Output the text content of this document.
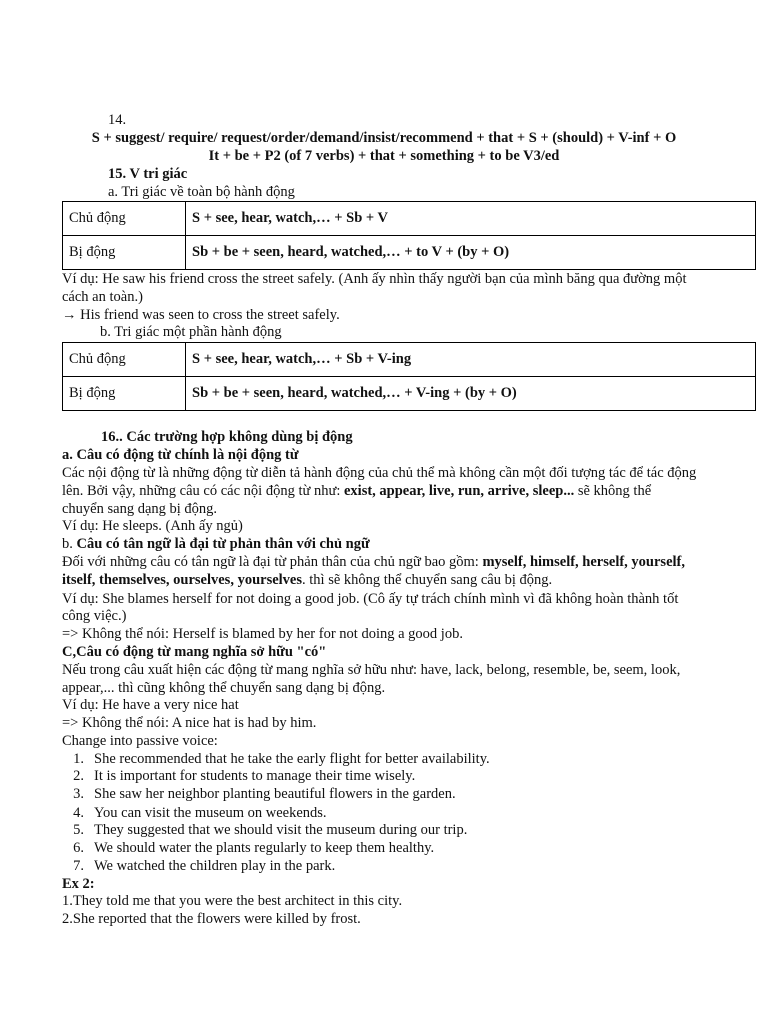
14.
S + suggest/ require/ request/order/demand/insist/recommend + that + S + (should) + V-inf + O
It + be + P2 (of 7 verbs) + that + something + to be V3/ed
15. V tri giác
a. Tri giác về toàn bộ hành động
Chủ động	S + see, hear, watch,… + Sb + V
Bị động	Sb + be + seen, heard, watched,… + to V + (by + O)
Ví dụ: He saw his friend cross the street safely. (Anh ấy nhìn thấy người bạn của mình băng qua đường một
cách an toàn.)
→ His friend was seen to cross the street safely.
b. Tri giác một phần hành động
Chủ động	S + see, hear, watch,… + Sb + V-ing
Bị động	Sb + be + seen, heard, watched,… + V-ing + (by + O)
16.. Các trường hợp không dùng bị động
a. Câu có động từ chính là nội động từ
Các nội động từ là những động từ diễn tả hành động của chủ thể mà không cần một đối tượng tác để tác động
lên. Bởi vậy, những câu có các nội động từ như: exist, appear, live, run, arrive, sleep... sẽ không thể
chuyển sang dạng bị động.
Ví dụ: He sleeps. (Anh ấy ngủ)
b. Câu có tân ngữ là đại từ phản thân với chủ ngữ
Đối với những câu có tân ngữ là đại từ phản thân của chủ ngữ bao gồm: myself, himself, herself, yourself,
itself, themselves, ourselves, yourselves. thì sẽ không thể chuyển sang câu bị động.
Ví dụ: She blames herself for not doing a good job. (Cô ấy tự trách chính mình vì đã không hoàn thành tốt
công việc.)
=> Không thể nói: Herself is blamed by her for not doing a good job.
C,Câu có động từ mang nghĩa sở hữu "có"
Nếu trong câu xuất hiện các động từ mang nghĩa sở hữu như: have, lack, belong, resemble, be, seem, look,
appear,... thì cũng không thể chuyển sang dạng bị động.
Ví dụ: He have a very nice hat
=> Không thể nói: A nice hat is had by him.
Change into passive voice:
1. She recommended that he take the early flight for better availability.
2. It is important for students to manage their time wisely.
3. She saw her neighbor planting beautiful flowers in the garden.
4. You can visit the museum on weekends.
5. They suggested that we should visit the museum during our trip.
6. We should water the plants regularly to keep them healthy.
7. We watched the children play in the park.
Ex 2:
1.They told me that you were the best architect in this city.
2.She reported that the flowers were killed by frost.
